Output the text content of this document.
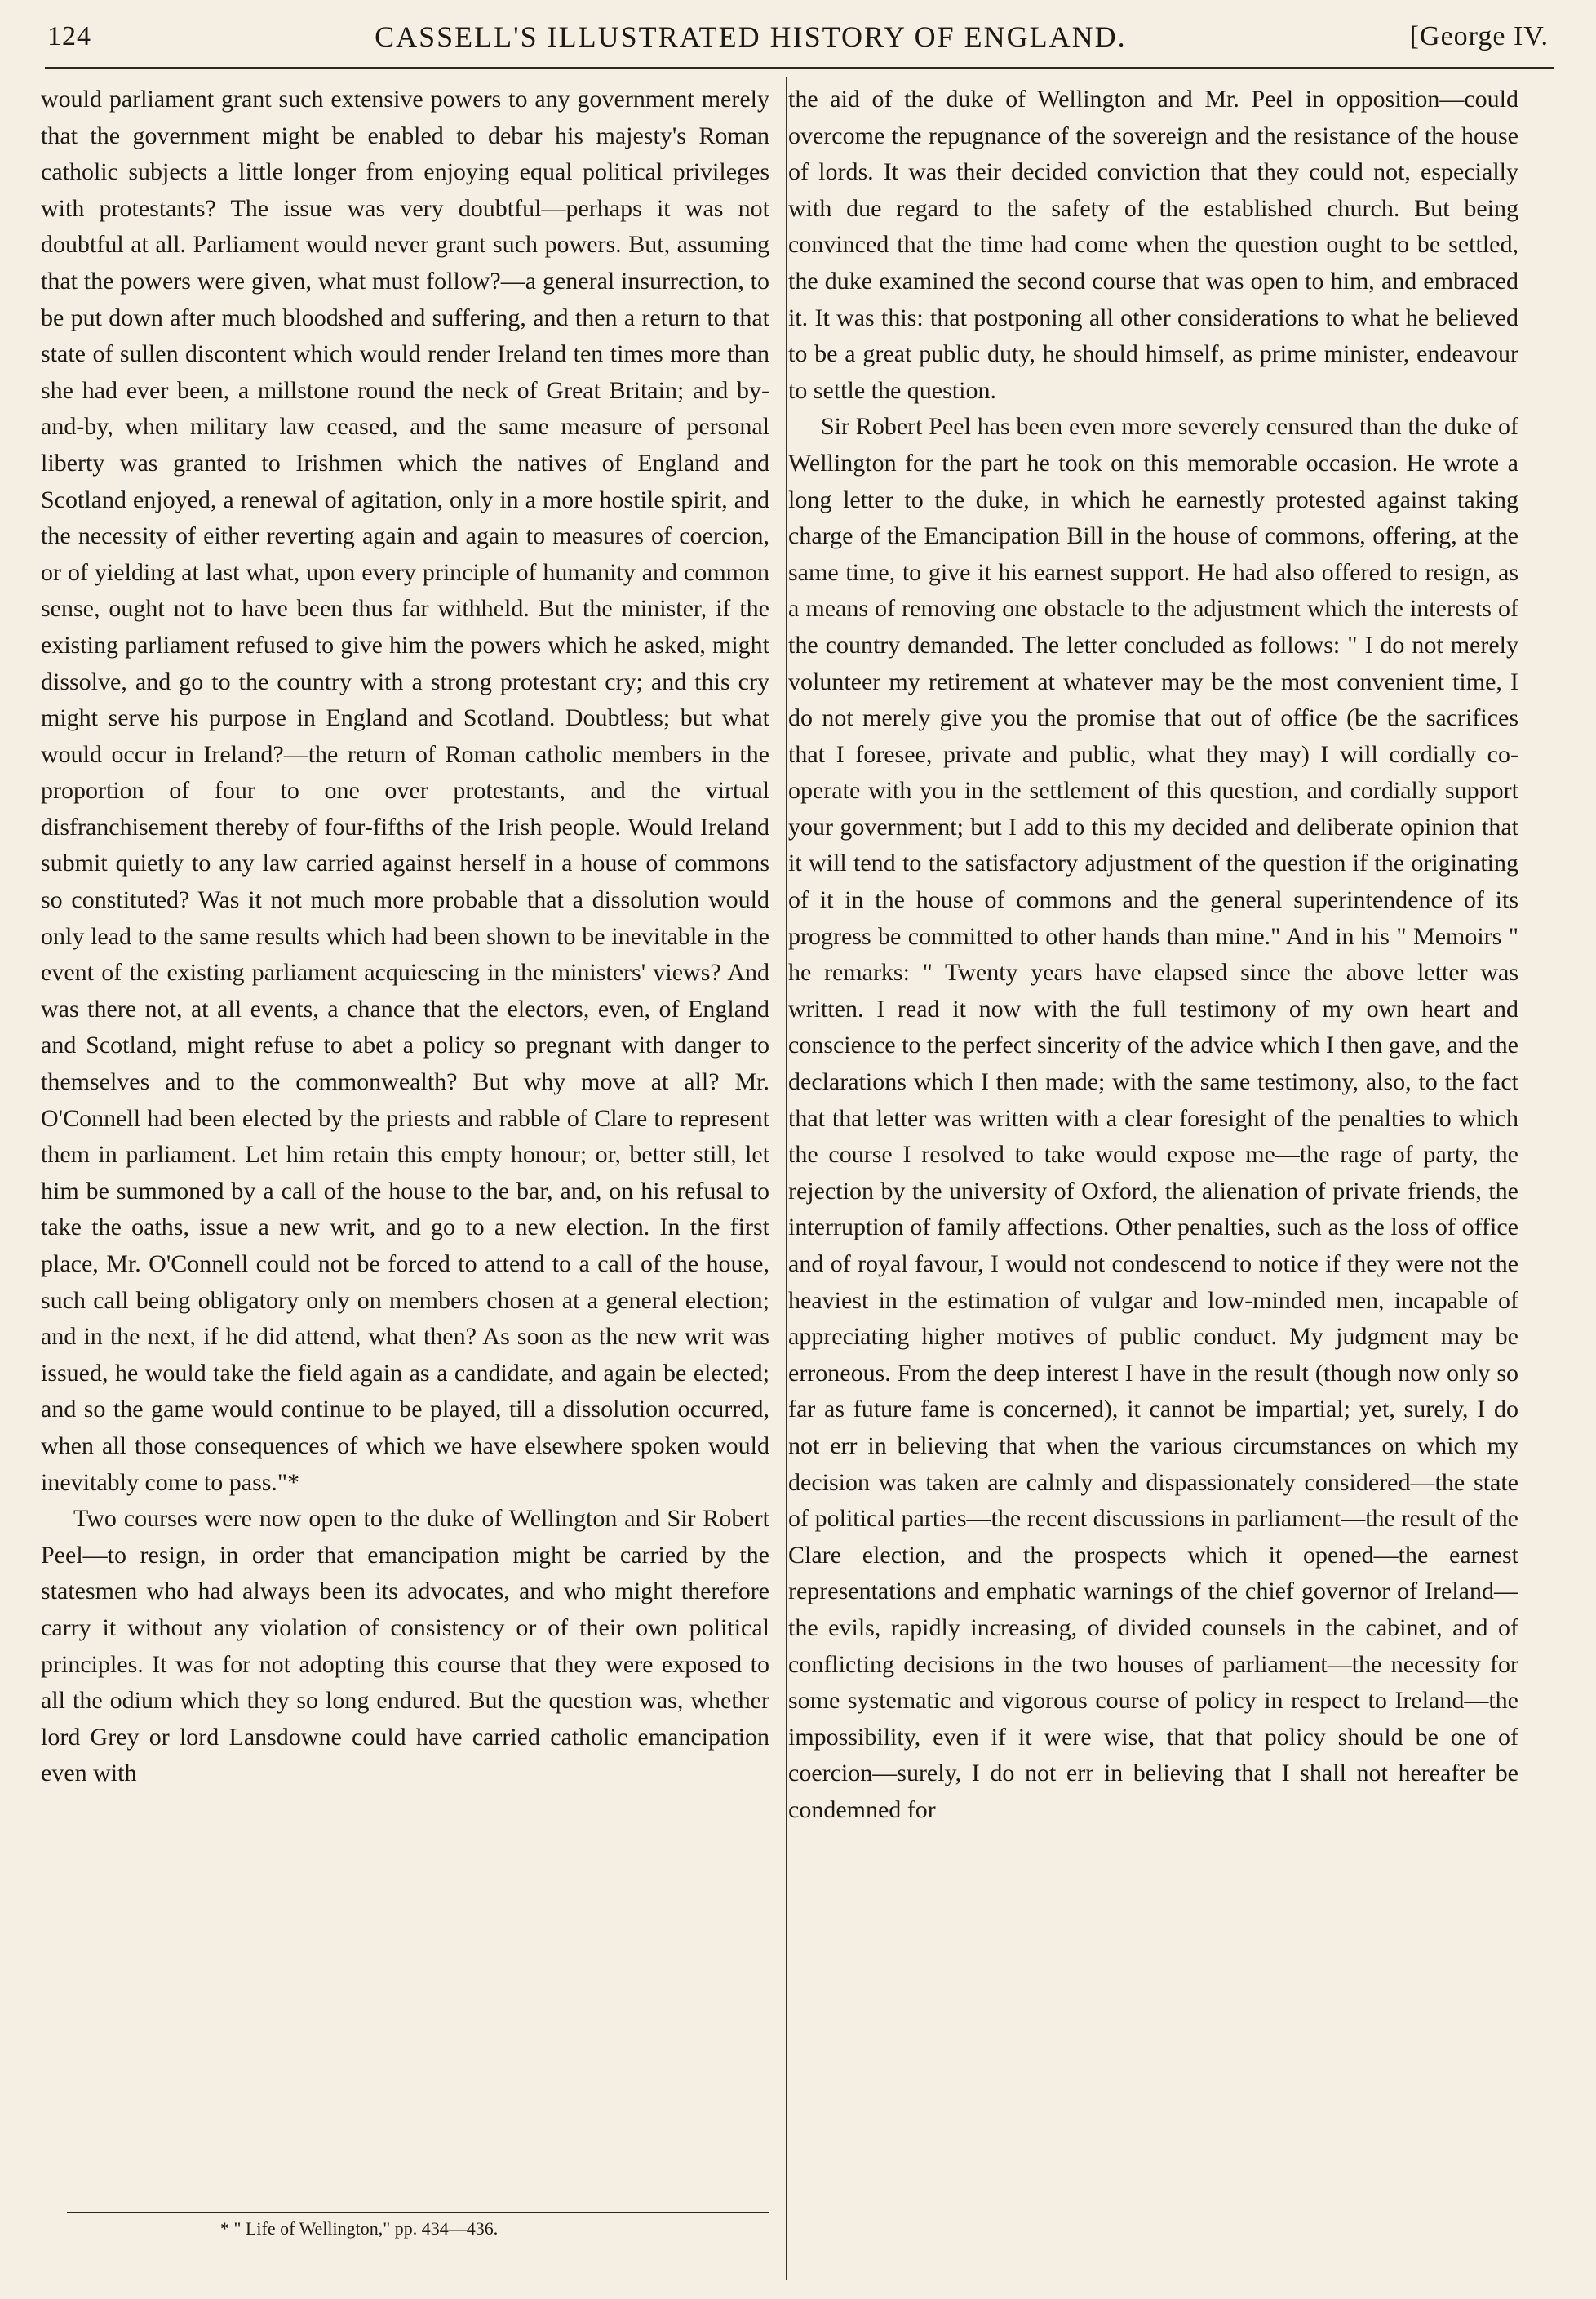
124	CASSELL'S ILLUSTRATED HISTORY OF ENGLAND.	[George IV.

would parliament grant such extensive powers to any government merely that the government might be enabled to debar his majesty's Roman catholic subjects a little longer from enjoying equal political privileges with protestants? The issue was very doubtful—perhaps it was not doubtful at all. Parliament would never grant such powers. But, assuming that the powers were given, what must follow?—a general insurrection, to be put down after much bloodshed and suffering, and then a return to that state of sullen discontent which would render Ireland ten times more than she had ever been, a millstone round the neck of Great Britain; and by-and-by, when military law ceased, and the same measure of personal liberty was granted to Irishmen which the natives of England and Scotland enjoyed, a renewal of agitation, only in a more hostile spirit, and the necessity of either reverting again and again to measures of coercion, or of yielding at last what, upon every principle of humanity and common sense, ought not to have been thus far withheld. But the minister, if the existing parliament refused to give him the powers which he asked, might dissolve, and go to the country with a strong protestant cry; and this cry might serve his purpose in England and Scotland. Doubtless; but what would occur in Ireland?—the return of Roman catholic members in the proportion of four to one over protestants, and the virtual disfranchisement thereby of four-fifths of the Irish people. Would Ireland submit quietly to any law carried against herself in a house of commons so constituted? Was it not much more probable that a dissolution would only lead to the same results which had been shown to be inevitable in the event of the existing parliament acquiescing in the ministers' views? And was there not, at all events, a chance that the electors, even, of England and Scotland, might refuse to abet a policy so pregnant with danger to themselves and to the commonwealth? But why move at all? Mr. O'Connell had been elected by the priests and rabble of Clare to represent them in parliament. Let him retain this empty honour; or, better still, let him be summoned by a call of the house to the bar, and, on his refusal to take the oaths, issue a new writ, and go to a new election. In the first place, Mr. O'Connell could not be forced to attend to a call of the house, such call being obligatory only on members chosen at a general election; and in the next, if he did attend, what then? As soon as the new writ was issued, he would take the field again as a candidate, and again be elected; and so the game would continue to be played, till a dissolution occurred, when all those consequences of which we have elsewhere spoken would inevitably come to pass."*

Two courses were now open to the duke of Wellington and Sir Robert Peel—to resign, in order that emancipation might be carried by the statesmen who had always been its advocates, and who might therefore carry it without any violation of consistency or of their own political principles. It was for not adopting this course that they were exposed to all the odium which they so long endured. But the question was, whether lord Grey or lord Lansdowne could have carried catholic emancipation even with

the aid of the duke of Wellington and Mr. Peel in opposition—could overcome the repugnance of the sovereign and the resistance of the house of lords. It was their decided conviction that they could not, especially with due regard to the safety of the established church. But being convinced that the time had come when the question ought to be settled, the duke examined the second course that was open to him, and embraced it. It was this: that postponing all other considerations to what he believed to be a great public duty, he should himself, as prime minister, endeavour to settle the question.

Sir Robert Peel has been even more severely censured than the duke of Wellington for the part he took on this memorable occasion. He wrote a long letter to the duke, in which he earnestly protested against taking charge of the Emancipation Bill in the house of commons, offering, at the same time, to give it his earnest support. He had also offered to resign, as a means of removing one obstacle to the adjustment which the interests of the country demanded. The letter concluded as follows: " I do not merely volunteer my retirement at whatever may be the most convenient time, I do not merely give you the promise that out of office (be the sacrifices that I foresee, private and public, what they may) I will cordially co-operate with you in the settlement of this question, and cordially support your government; but I add to this my decided and deliberate opinion that it will tend to the satisfactory adjustment of the question if the originating of it in the house of commons and the general superintendence of its progress be committed to other hands than mine." And in his " Memoirs " he remarks: " Twenty years have elapsed since the above letter was written. I read it now with the full testimony of my own heart and conscience to the perfect sincerity of the advice which I then gave, and the declarations which I then made; with the same testimony, also, to the fact that that letter was written with a clear foresight of the penalties to which the course I resolved to take would expose me—the rage of party, the rejection by the university of Oxford, the alienation of private friends, the interruption of family affections. Other penalties, such as the loss of office and of royal favour, I would not condescend to notice if they were not the heaviest in the estimation of vulgar and low-minded men, incapable of appreciating higher motives of public conduct. My judgment may be erroneous. From the deep interest I have in the result (though now only so far as future fame is concerned), it cannot be impartial; yet, surely, I do not err in believing that when the various circumstances on which my decision was taken are calmly and dispassionately considered—the state of political parties—the recent discussions in parliament—the result of the Clare election, and the prospects which it opened—the earnest representations and emphatic warnings of the chief governor of Ireland—the evils, rapidly increasing, of divided counsels in the cabinet, and of conflicting decisions in the two houses of parliament—the necessity for some systematic and vigorous course of policy in respect to Ireland—the impossibility, even if it were wise, that that policy should be one of coercion—surely, I do not err in believing that I shall not hereafter be condemned for

* " Life of Wellington," pp. 434—436.
